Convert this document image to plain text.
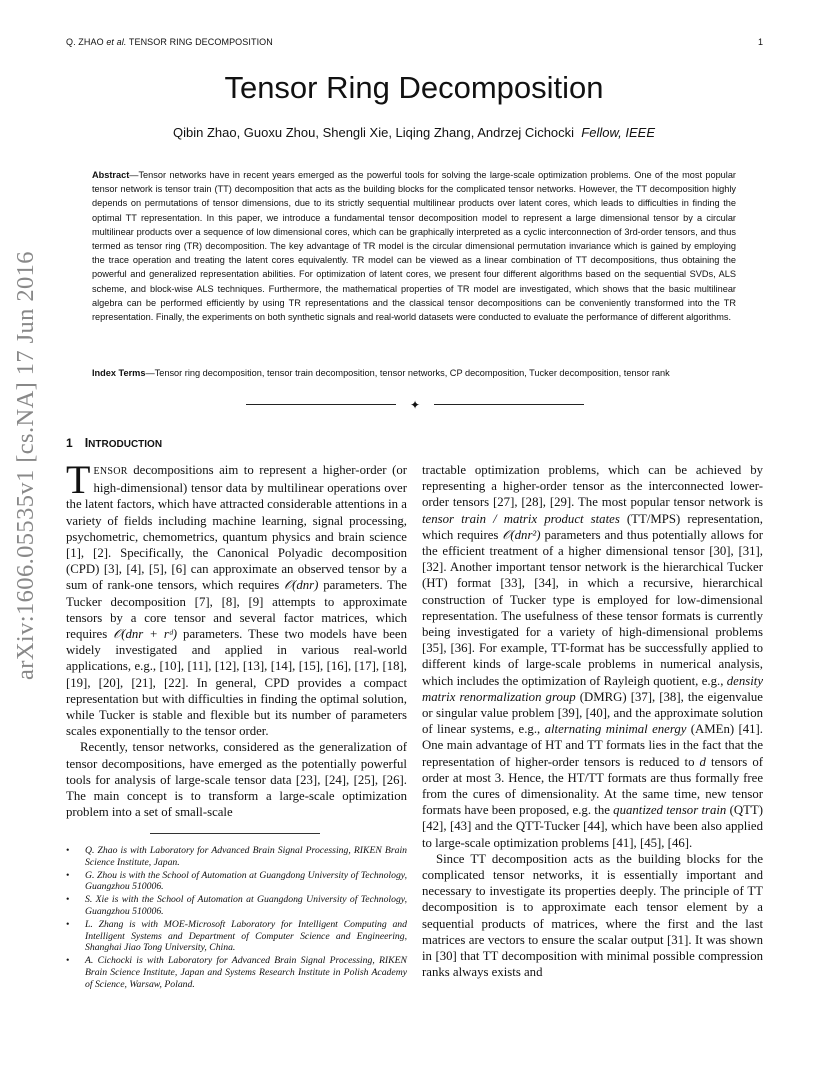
Q. ZHAO et al. TENSOR RING DECOMPOSITION	1
Tensor Ring Decomposition
Qibin Zhao, Guoxu Zhou, Shengli Xie, Liqing Zhang, Andrzej Cichocki Fellow, IEEE
Abstract—Tensor networks have in recent years emerged as the powerful tools for solving the large-scale optimization problems. One of the most popular tensor network is tensor train (TT) decomposition that acts as the building blocks for the complicated tensor networks. However, the TT decomposition highly depends on permutations of tensor dimensions, due to its strictly sequential multilinear products over latent cores, which leads to difficulties in finding the optimal TT representation. In this paper, we introduce a fundamental tensor decomposition model to represent a large dimensional tensor by a circular multilinear products over a sequence of low dimensional cores, which can be graphically interpreted as a cyclic interconnection of 3rd-order tensors, and thus termed as tensor ring (TR) decomposition. The key advantage of TR model is the circular dimensional permutation invariance which is gained by employing the trace operation and treating the latent cores equivalently. TR model can be viewed as a linear combination of TT decompositions, thus obtaining the powerful and generalized representation abilities. For optimization of latent cores, we present four different algorithms based on the sequential SVDs, ALS scheme, and block-wise ALS techniques. Furthermore, the mathematical properties of TR model are investigated, which shows that the basic multilinear algebra can be performed efficiently by using TR representations and the classical tensor decompositions can be conveniently transformed into the TR representation. Finally, the experiments on both synthetic signals and real-world datasets were conducted to evaluate the performance of different algorithms.
Index Terms—Tensor ring decomposition, tensor train decomposition, tensor networks, CP decomposition, Tucker decomposition, tensor rank
✦
arXiv:1606.05535v1 [cs.NA] 17 Jun 2016 1 INTRODUCTION

TENSOR decompositions aim to represent a higher-order (or high-dimensional) tensor data by multilinear operations over the latent factors, which have attracted considerable attentions in a variety of fields including machine learning, signal processing, psychometric, chemometrics, quantum physics and brain science [1], [2]. Specifically, the Canonical Polyadic decomposition (CPD) [3], [4], [5], [6] can approximate an observed tensor by a sum of rank-one tensors, which requires 𝒪(dnr) parameters. The Tucker decomposition [7], [8], [9] attempts to approximate tensors by a core tensor and several factor matrices, which requires 𝒪(dnr + rᵈ) parameters. These two models have been widely investigated and applied in various real-world applications, e.g., [10], [11], [12], [13], [14], [15], [16], [17], [18], [19], [20], [21], [22]. In general, CPD provides a compact representation but with difficulties in finding the optimal solution, while Tucker is stable and flexible but its number of parameters scales exponentially to the tensor order.

Recently, tensor networks, considered as the generalization of tensor decompositions, have emerged as the potentially powerful tools for analysis of large-scale tensor data [23], [24], [25], [26]. The main concept is to transform a large-scale optimization problem into a set of small-scale

• Q. Zhao is with Laboratory for Advanced Brain Signal Processing, RIKEN Brain Science Institute, Japan.
• G. Zhou is with the School of Automation at Guangdong University of Technology, Guangzhou 510006.
• S. Xie is with the School of Automation at Guangdong University of Technology, Guangzhou 510006.
• L. Zhang is with MOE-Microsoft Laboratory for Intelligent Computing and Intelligent Systems and Department of Computer Science and Engineering, Shanghai Jiao Tong University, China.
• A. Cichocki is with Laboratory for Advanced Brain Signal Processing, RIKEN Brain Science Institute, Japan and Systems Research Institute in Polish Academy of Science, Warsaw, Poland.

tractable optimization problems, which can be achieved by representing a higher-order tensor as the interconnected lower-order tensors [27], [28], [29]. The most popular tensor network is tensor train / matrix product states (TT/MPS) representation, which requires 𝒪(dnr²) parameters and thus potentially allows for the efficient treatment of a higher dimensional tensor [30], [31], [32]. Another important tensor network is the hierarchical Tucker (HT) format [33], [34], in which a recursive, hierarchical construction of Tucker type is employed for low-dimensional representation. The usefulness of these tensor formats is currently being investigated for a variety of high-dimensional problems [35], [36]. For example, TT-format has be successfully applied to different kinds of large-scale problems in numerical analysis, which includes the optimization of Rayleigh quotient, e.g., density matrix renormalization group (DMRG) [37], [38], the eigenvalue or singular value problem [39], [40], and the approximate solution of linear systems, e.g., alternating minimal energy (AMEn) [41]. One main advantage of HT and TT formats lies in the fact that the representation of higher-order tensors is reduced to d tensors of order at most 3. Hence, the HT/TT formats are thus formally free from the cures of dimensionality. At the same time, new tensor formats have been proposed, e.g. the quantized tensor train (QTT) [42], [43] and the QTT-Tucker [44], which have been also applied to large-scale optimization problems [41], [45], [46].

Since TT decomposition acts as the building blocks for the complicated tensor networks, it is essentially important and necessary to investigate its properties deeply. The principle of TT decomposition is to approximate each tensor element by a sequential products of matrices, where the first and the last matrices are vectors to ensure the scalar output [31]. It was shown in [30] that TT decomposition with minimal possible compression ranks always exists and
